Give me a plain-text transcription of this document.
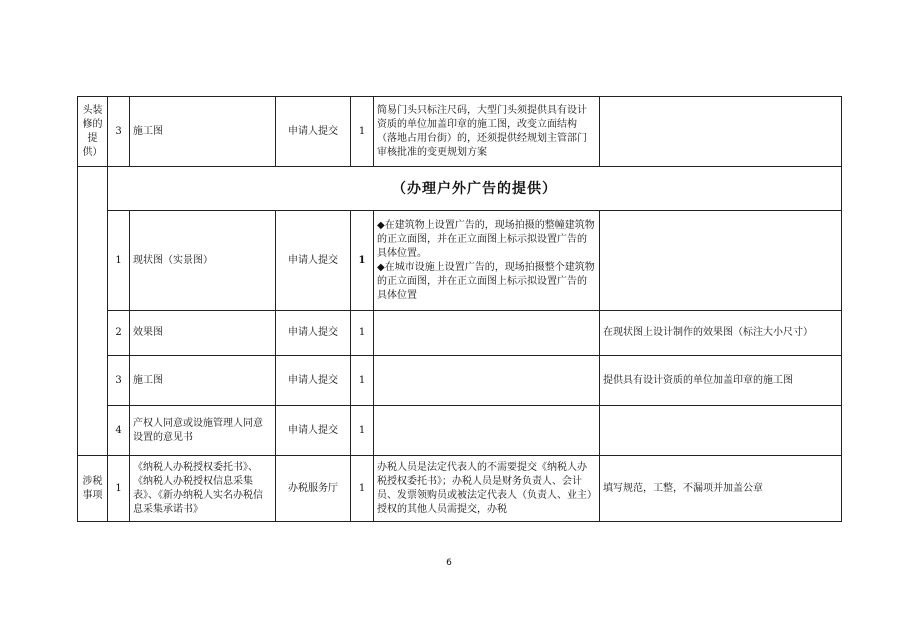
头装修的提供）	3	施工图	申请人提交	1	简易门头只标注尺码，大型门头须提供具有设计资质的单位加盖印章的施工图，改变立面结构（落地占用台街）的，还须提供经规划主管部门审核批准的变更规划方案	
	（办理户外广告的提供）					
	1	现状图（实景图）	申请人提交	1	◆在建筑物上设置广告的，现场拍摄的整幢建筑物的正立面图，并在正立面图上标示拟设置广告的具体位置。
◆在城市设施上设置广告的，现场拍摄整个建筑物的正立面图，并在正立面图上标示拟设置广告的具体位置	

	2	效果图	申请人提交	1		在现状图上设计制作的效果图（标注大小尺寸）
	3	施工图	申请人提交	1		提供具有设计资质的单位加盖印章的施工图
	4	产权人同意或设施管理人同意设置的意见书	申请人提交	1		
涉税事项	1	《纳税人办税授权委托书》、《纳税人办税授权信息采集表》、《新办纳税人实名办税信息采集承诺书》	办税服务厅	1	办税人员是法定代表人的不需要提交《纳税人办税授权委托书》；办税人员是财务负责人、会计员、发票领购员或被法定代表人（负责人、业主）授权的其他人员需提交，办税	填写规范，工整，不漏项并加盖公章
6
